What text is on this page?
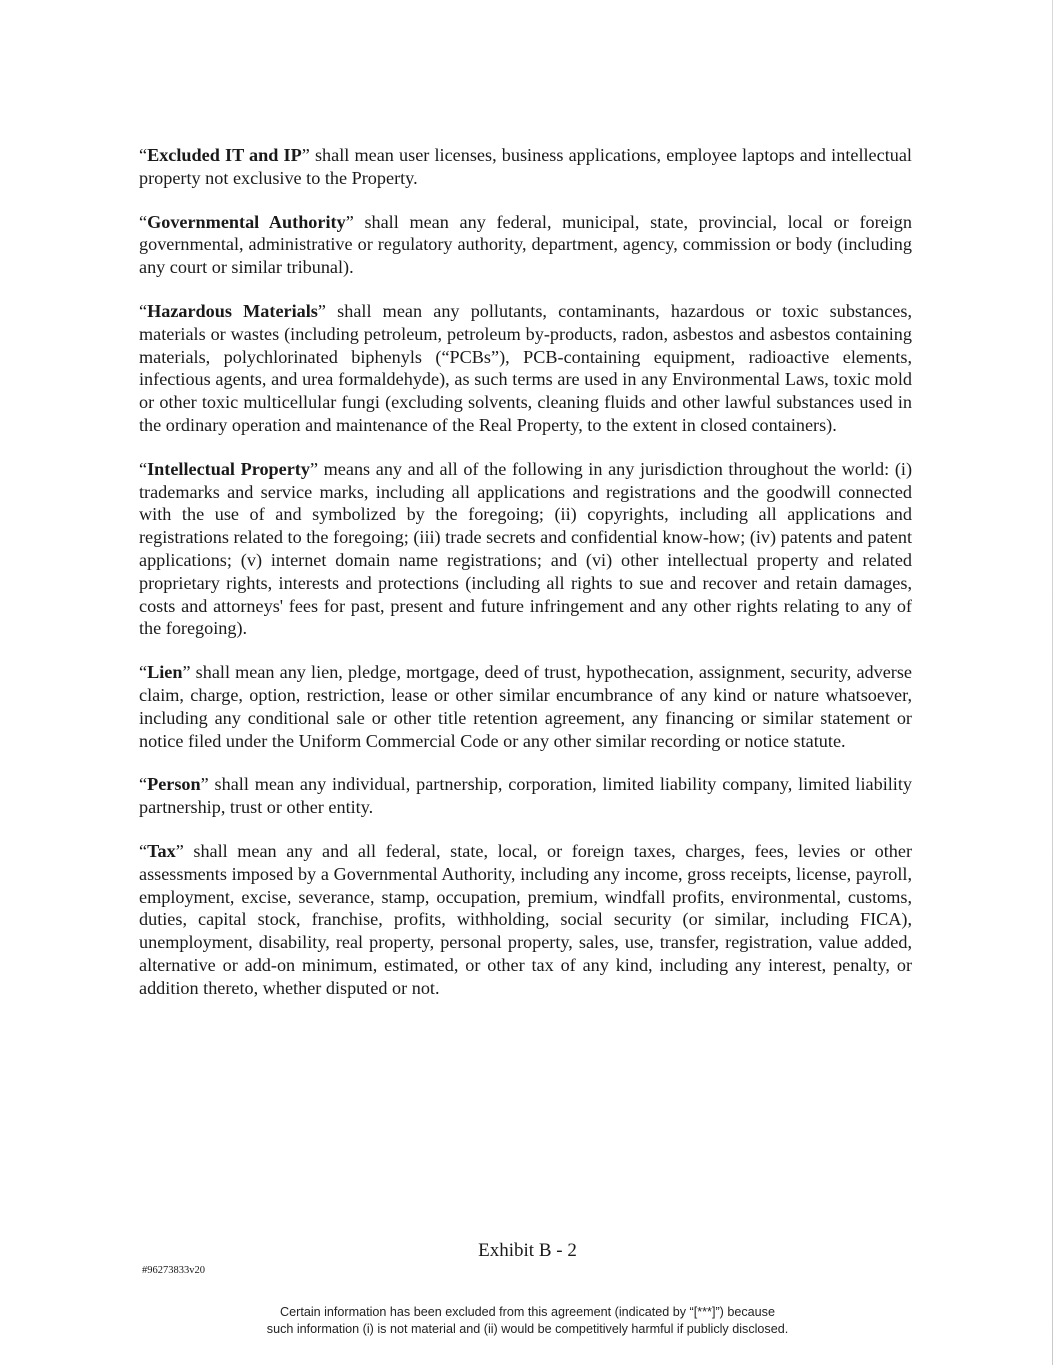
“Excluded IT and IP” shall mean user licenses, business applications, employee laptops and intellectual property not exclusive to the Property.

“Governmental Authority” shall mean any federal, municipal, state, provincial, local or foreign governmental, administrative or regulatory authority, department, agency, commission or body (including any court or similar tribunal).

“Hazardous Materials” shall mean any pollutants, contaminants, hazardous or toxic substances, materials or wastes (including petroleum, petroleum by-products, radon, asbestos and asbestos containing materials, polychlorinated biphenyls (“PCBs”), PCB-containing equipment, radioactive elements, infectious agents, and urea formaldehyde), as such terms are used in any Environmental Laws, toxic mold or other toxic multicellular fungi (excluding solvents, cleaning fluids and other lawful substances used in the ordinary operation and maintenance of the Real Property, to the extent in closed containers).

“Intellectual Property” means any and all of the following in any jurisdiction throughout the world: (i) trademarks and service marks, including all applications and registrations and the goodwill connected with the use of and symbolized by the foregoing; (ii) copyrights, including all applications and registrations related to the foregoing; (iii) trade secrets and confidential know-how; (iv) patents and patent applications; (v) internet domain name registrations; and (vi) other intellectual property and related proprietary rights, interests and protections (including all rights to sue and recover and retain damages, costs and attorneys' fees for past, present and future infringement and any other rights relating to any of the foregoing).

“Lien” shall mean any lien, pledge, mortgage, deed of trust, hypothecation, assignment, security, adverse claim, charge, option, restriction, lease or other similar encumbrance of any kind or nature whatsoever, including any conditional sale or other title retention agreement, any financing or similar statement or notice filed under the Uniform Commercial Code or any other similar recording or notice statute.

“Person” shall mean any individual, partnership, corporation, limited liability company, limited liability partnership, trust or other entity.

“Tax” shall mean any and all federal, state, local, or foreign taxes, charges, fees, levies or other assessments imposed by a Governmental Authority, including any income, gross receipts, license, payroll, employment, excise, severance, stamp, occupation, premium, windfall profits, environmental, customs, duties, capital stock, franchise, profits, withholding, social security (or similar, including FICA), unemployment, disability, real property, personal property, sales, use, transfer, registration, value added, alternative or add-on minimum, estimated, or other tax of any kind, including any interest, penalty, or addition thereto, whether disputed or not.

Exhibit B - 2
#96273833v20
Certain information has been excluded from this agreement (indicated by “[***]”) because
such information (i) is not material and (ii) would be competitively harmful if publicly disclosed.
